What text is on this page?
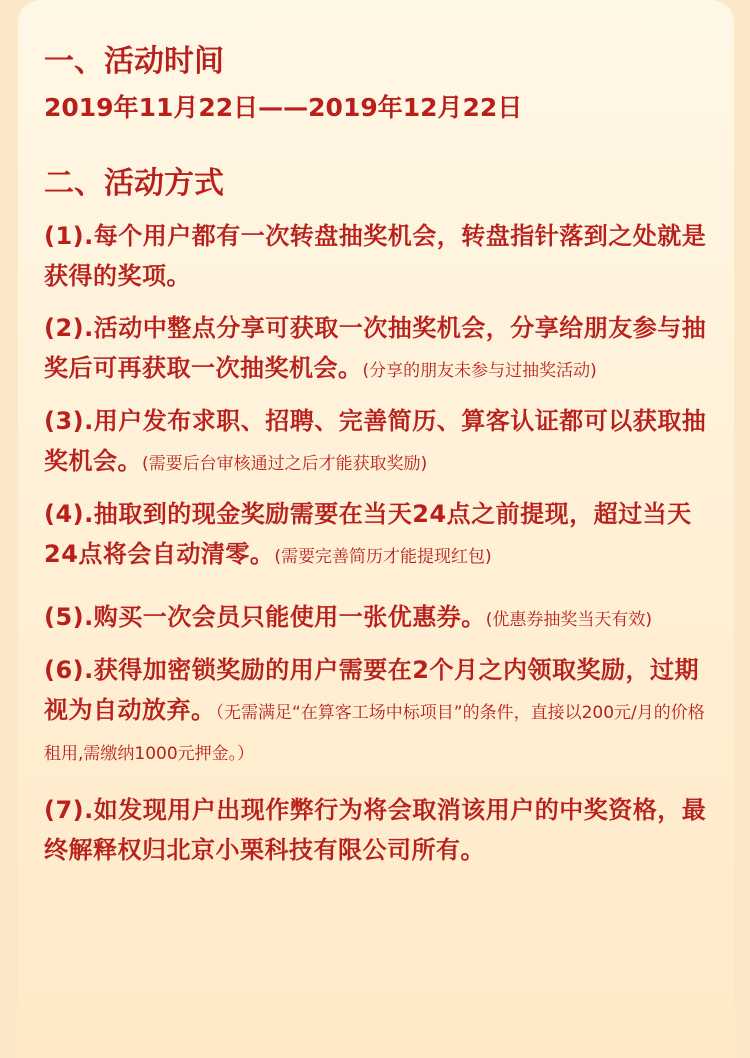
一、活动时间
2019年11月22日——2019年12月22日
二、活动方式
(1).每个用户都有一次转盘抽奖机会，转盘指针落到之处就是获得的奖项。
(2).活动中整点分享可获取一次抽奖机会，分享给朋友参与抽奖后可再获取一次抽奖机会。(分享的朋友未参与过抽奖活动)
(3).用户发布求职、招聘、完善简历、算客认证都可以获取抽奖机会。(需要后台审核通过之后才能获取奖励)
(4).抽取到的现金奖励需要在当天24点之前提现，超过当天24点将会自动清零。(需要完善简历才能提现红包)
(5).购买一次会员只能使用一张优惠券。(优惠券抽奖当天有效)
(6).获得加密锁奖励的用户需要在2个月之内领取奖励，过期视为自动放弃。（无需满足“在算客工场中标项目”的条件，直接以200元/月的价格租用,需缴纳1000元押金。）
(7).如发现用户出现作弊行为将会取消该用户的中奖资格，最终解释权归北京小栗科技有限公司所有。
